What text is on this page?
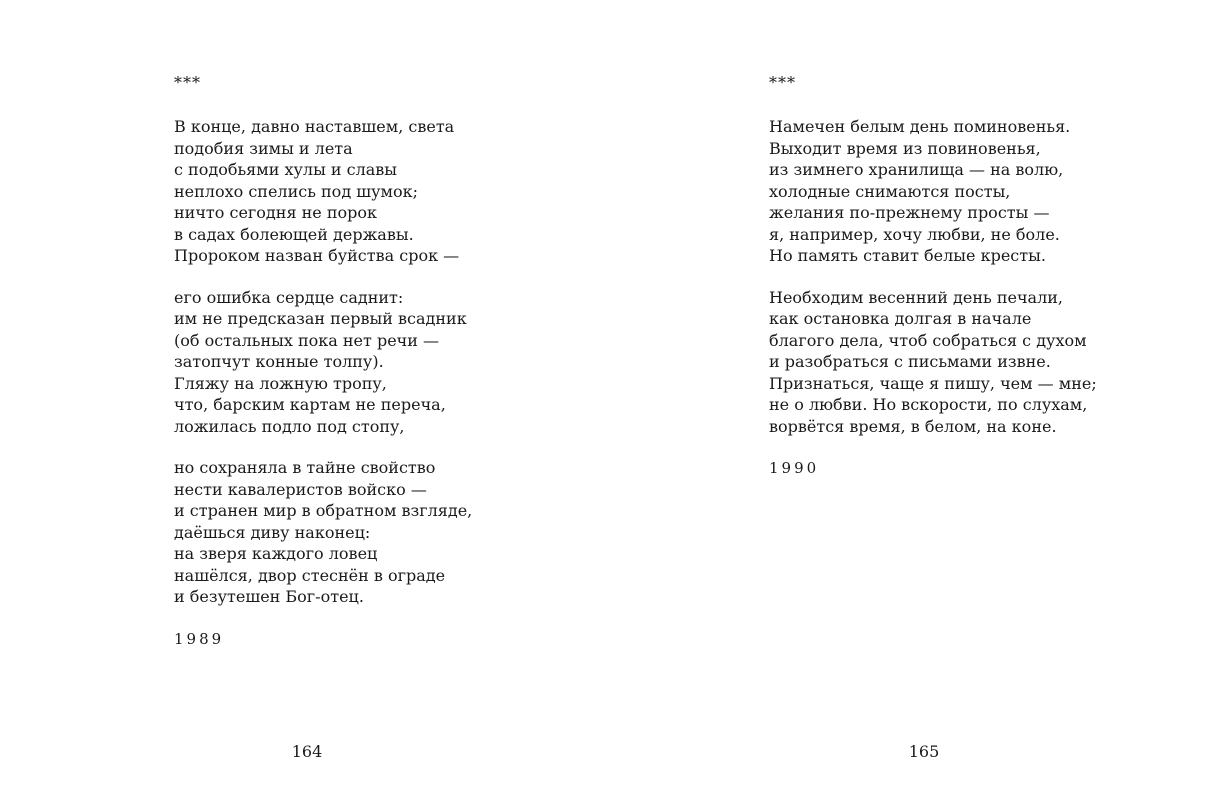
***
В конце, давно наставшем, света
подобия зимы и лета
с подобьями хулы и славы
неплохо спелись под шумок;
ничто сегодня не порок
в садах болеющей державы.
Пророком назван буйства срок —
его ошибка сердце саднит:
им не предсказан первый всадник
(об остальных пока нет речи —
затопчут конные толпу).
Гляжу на ложную тропу,
что, барским картам не переча,
ложилась подло под стопу,
но сохраняла в тайне свойство
нести кавалеристов войско —
и странен мир в обратном взгляде,
даёшься диву наконец:
на зверя каждого ловец
нашёлся, двор стеснён в ограде
и безутешен Бог-отец.
1989
164
***
Намечен белым день поминовенья.
Выходит время из повиновенья,
из зимнего хранилища — на волю,
холодные снимаются посты,
желания по-прежнему просты —
я, например, хочу любви, не боле.
Но память ставит белые кресты.
Необходим весенний день печали,
как остановка долгая в начале
благого дела, чтоб собраться с духом
и разобраться с письмами извне.
Признаться, чаще я пишу, чем — мне;
не о любви. Но вскорости, по слухам,
ворвётся время, в белом, на коне.
1990
165
